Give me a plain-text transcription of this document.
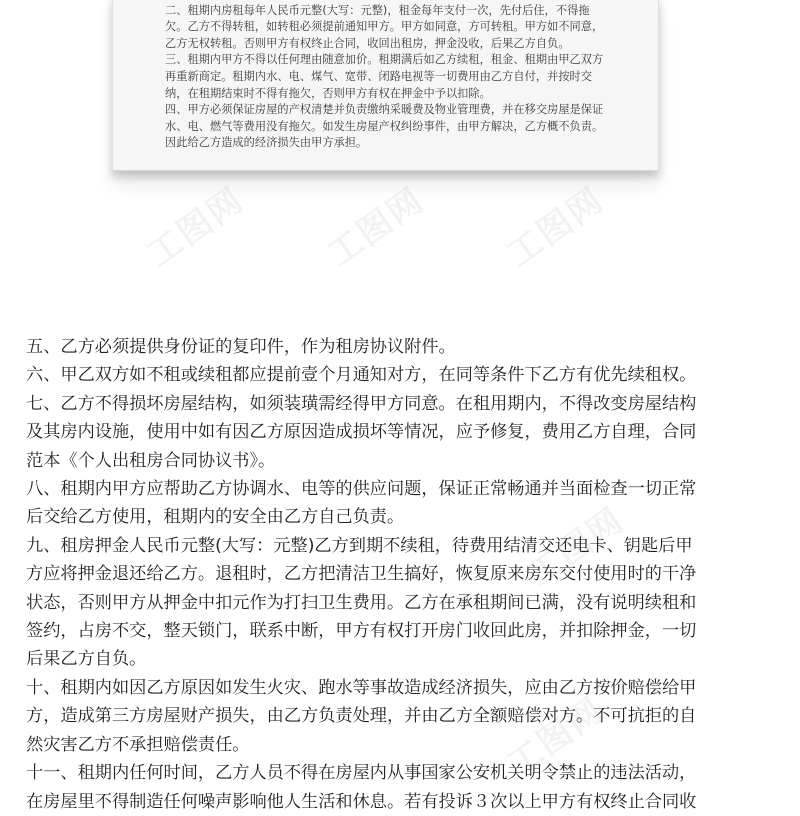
二、租期内房租每年人民币元整(大写：元整)，租金每年支付一次，先付后住，不得拖

欠。乙方不得转租，如转租必须提前通知甲方。甲方如同意，方可转租。甲方如不同意，

乙方无权转租。否则甲方有权终止合同，收回出租房，押金没收，后果乙方自负。

三、租期内甲方不得以任何理由随意加价。租期满后如乙方续租，租金、租期由甲乙双方

再重新商定。租期内水、电、煤气、宽带、闭路电视等一切费用由乙方自付，并按时交

纳，在租期结束时不得有拖欠，否则甲方有权在押金中予以扣除。

四、甲方必须保证房屋的产权清楚并负责缴纳采暖费及物业管理费，并在移交房屋是保证

水、电、燃气等费用没有拖欠。如发生房屋产权纠纷事件，由甲方解决，乙方概不负责。

因此给乙方造成的经济损失由甲方承担。

工图网 工图网 工图网
工图网
工图网

五、乙方必须提供身份证的复印件，作为租房协议附件。

六、甲乙双方如不租或续租都应提前壹个月通知对方，在同等条件下乙方有优先续租权。

七、乙方不得损坏房屋结构，如须装璜需经得甲方同意。在租用期内，不得改变房屋结构

及其房内设施，使用中如有因乙方原因造成损坏等情况，应予修复，费用乙方自理，合同

范本《个人出租房合同协议书》。

八、租期内甲方应帮助乙方协调水、电等的供应问题，保证正常畅通并当面检查一切正常

后交给乙方使用，租期内的安全由乙方自己负责。

九、租房押金人民币元整(大写：元整)乙方到期不续租，待费用结清交还电卡、钥匙后甲

方应将押金退还给乙方。退租时，乙方把清洁卫生搞好，恢复原来房东交付使用时的干净

状态，否则甲方从押金中扣元作为打扫卫生费用。乙方在承租期间已满，没有说明续租和

签约，占房不交，整天锁门，联系中断，甲方有权打开房门收回此房，并扣除押金，一切

后果乙方自负。

十、租期内如因乙方原因如发生火灾、跑水等事故造成经济损失，应由乙方按价赔偿给甲

方，造成第三方房屋财产损失，由乙方负责处理，并由乙方全额赔偿对方。不可抗拒的自

然灾害乙方不承担赔偿责任。

十一、租期内任何时间，乙方人员不得在房屋内从事国家公安机关明令禁止的违法活动，

在房屋里不得制造任何噪声影响他人生活和休息。若有投诉３次以上甲方有权终止合同收
